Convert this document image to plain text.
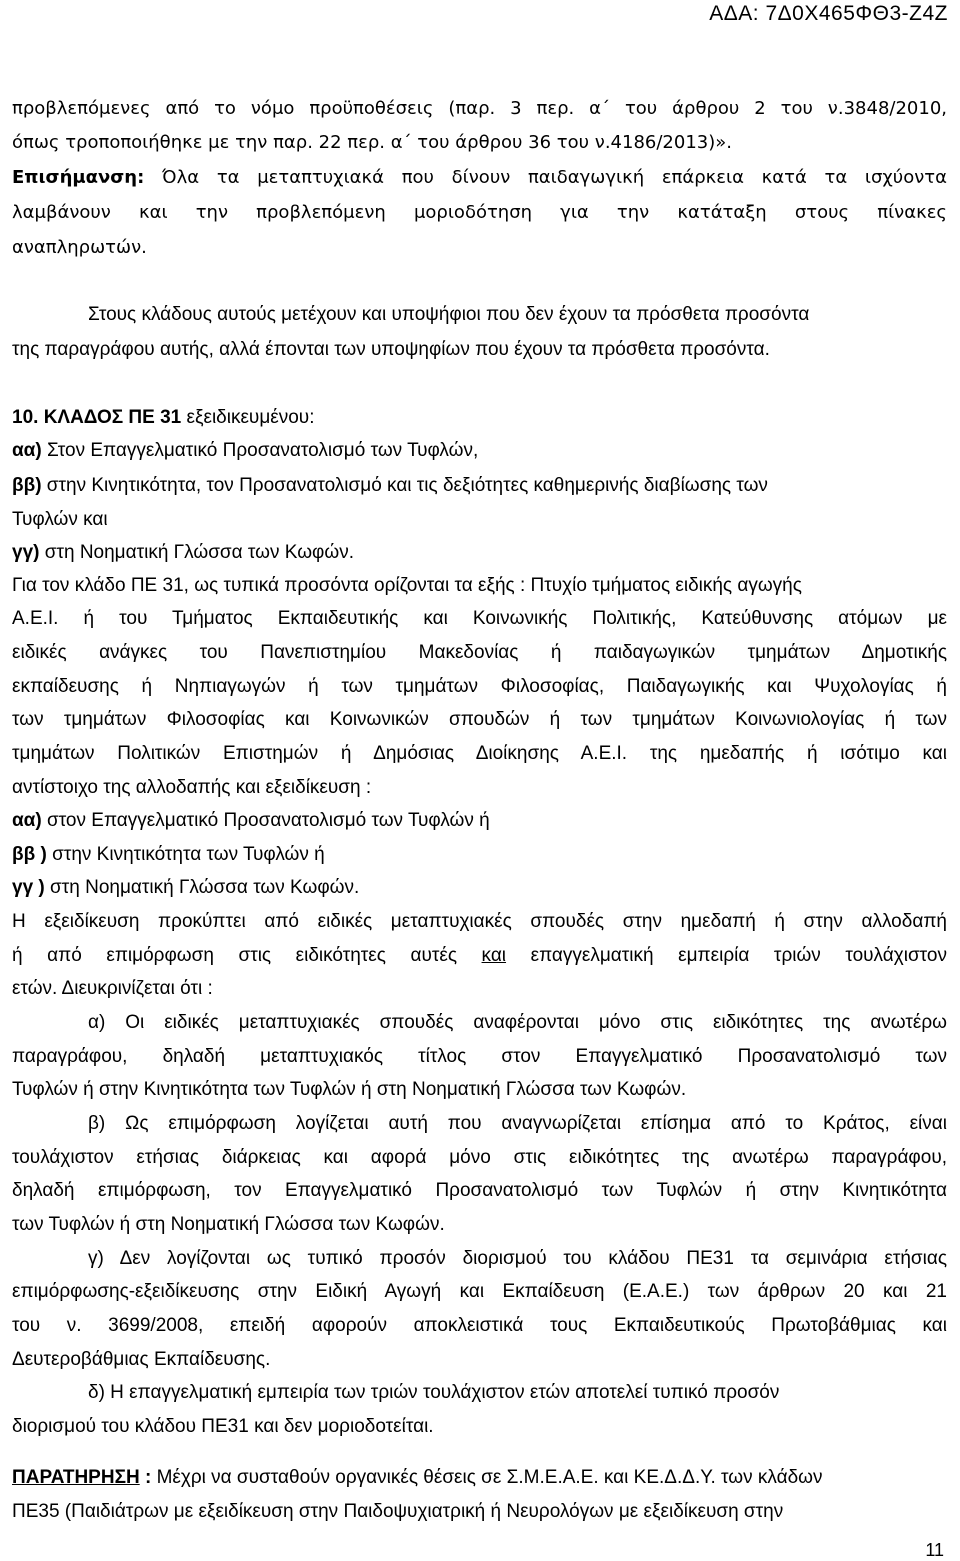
ΑΔΑ: 7Δ0Χ465ΦΘ3-Ζ4Ζ
προβλεπόμενες από το νόμο προϋποθέσεις (παρ. 3 περ. α΄ του άρθρου 2 του ν.3848/2010,
όπως τροποποιήθηκε με την παρ. 22 περ. α΄ του άρθρου 36 του ν.4186/2013)».
Επισήμανση: Όλα τα μεταπτυχιακά που δίνουν παιδαγωγική επάρκεια κατά τα ισχύοντα
λαμβάνουν και την προβλεπόμενη μοριοδότηση για την κατάταξη στους πίνακες
αναπληρωτών.
Στους κλάδους αυτούς μετέχουν και υποψήφιοι που δεν έχουν τα πρόσθετα προσόντα
της παραγράφου αυτής, αλλά έπονται των υποψηφίων που έχουν τα πρόσθετα προσόντα.
10. ΚΛΑΔΟΣ ΠΕ 31 εξειδικευμένου:
αα) Στον Επαγγελματικό Προσανατολισμό των Τυφλών,
ββ) στην Κινητικότητα, τον Προσανατολισμό και τις δεξιότητες καθημερινής διαβίωσης των
Τυφλών και
γγ) στη Νοηματική Γλώσσα των Κωφών.
Για τον κλάδο ΠΕ 31, ως τυπικά προσόντα ορίζονται τα εξής : Πτυχίο τμήματος ειδικής αγωγής
Α.Ε.Ι. ή του Τμήματος Εκπαιδευτικής και Κοινωνικής Πολιτικής, Κατεύθυνσης ατόμων με
ειδικές ανάγκες του Πανεπιστημίου Μακεδονίας ή παιδαγωγικών τμημάτων Δημοτικής
εκπαίδευσης ή Νηπιαγωγών ή των τμημάτων Φιλοσοφίας, Παιδαγωγικής και Ψυχολογίας ή
των τμημάτων Φιλοσοφίας και Κοινωνικών σπουδών ή των τμημάτων Κοινωνιολογίας ή των
τμημάτων Πολιτικών Επιστημών ή Δημόσιας Διοίκησης Α.Ε.Ι. της ημεδαπής ή ισότιμο και
αντίστοιχο της αλλοδαπής και εξειδίκευση :
αα) στον Επαγγελματικό Προσανατολισμό των Τυφλών ή
ββ ) στην Κινητικότητα των Τυφλών ή
γγ ) στη Νοηματική Γλώσσα των Κωφών.
Η εξειδίκευση προκύπτει από ειδικές μεταπτυχιακές σπουδές στην ημεδαπή ή στην αλλοδαπή
ή από επιμόρφωση στις ειδικότητες αυτές και επαγγελματική εμπειρία τριών τουλάχιστον
ετών. Διευκρινίζεται ότι :
α) Οι ειδικές μεταπτυχιακές σπουδές αναφέρονται μόνο στις ειδικότητες της ανωτέρω
παραγράφου, δηλαδή μεταπτυχιακός τίτλος στον Επαγγελματικό Προσανατολισμό των
Τυφλών ή στην Κινητικότητα των Τυφλών ή στη Νοηματική Γλώσσα των Κωφών.
β) Ως επιμόρφωση λογίζεται αυτή που αναγνωρίζεται επίσημα από το Κράτος, είναι
τουλάχιστον ετήσιας διάρκειας και αφορά μόνο στις ειδικότητες της ανωτέρω παραγράφου,
δηλαδή επιμόρφωση, τον Επαγγελματικό Προσανατολισμό των Τυφλών ή στην Κινητικότητα
των Τυφλών ή στη Νοηματική Γλώσσα των Κωφών.
γ) Δεν λογίζονται ως τυπικό προσόν διορισμού του κλάδου ΠΕ31 τα σεμινάρια ετήσιας
επιμόρφωσης-εξειδίκευσης στην Ειδική Αγωγή και Εκπαίδευση (Ε.Α.Ε.) των άρθρων 20 και 21
του ν. 3699/2008, επειδή αφορούν αποκλειστικά τους Εκπαιδευτικούς Πρωτοβάθμιας και
Δευτεροβάθμιας Εκπαίδευσης.
δ) Η επαγγελματική εμπειρία των τριών τουλάχιστον ετών αποτελεί τυπικό προσόν
διορισμού του κλάδου ΠΕ31 και δεν μοριοδοτείται.
ΠΑΡΑΤΗΡΗΣΗ : Μέχρι να συσταθούν οργανικές θέσεις σε Σ.Μ.Ε.Α.Ε. και ΚΕ.Δ.Δ.Υ. των κλάδων
ΠΕ35 (Παιδιάτρων με εξειδίκευση στην Παιδοψυχιατρική ή Νευρολόγων με εξειδίκευση στην
11
